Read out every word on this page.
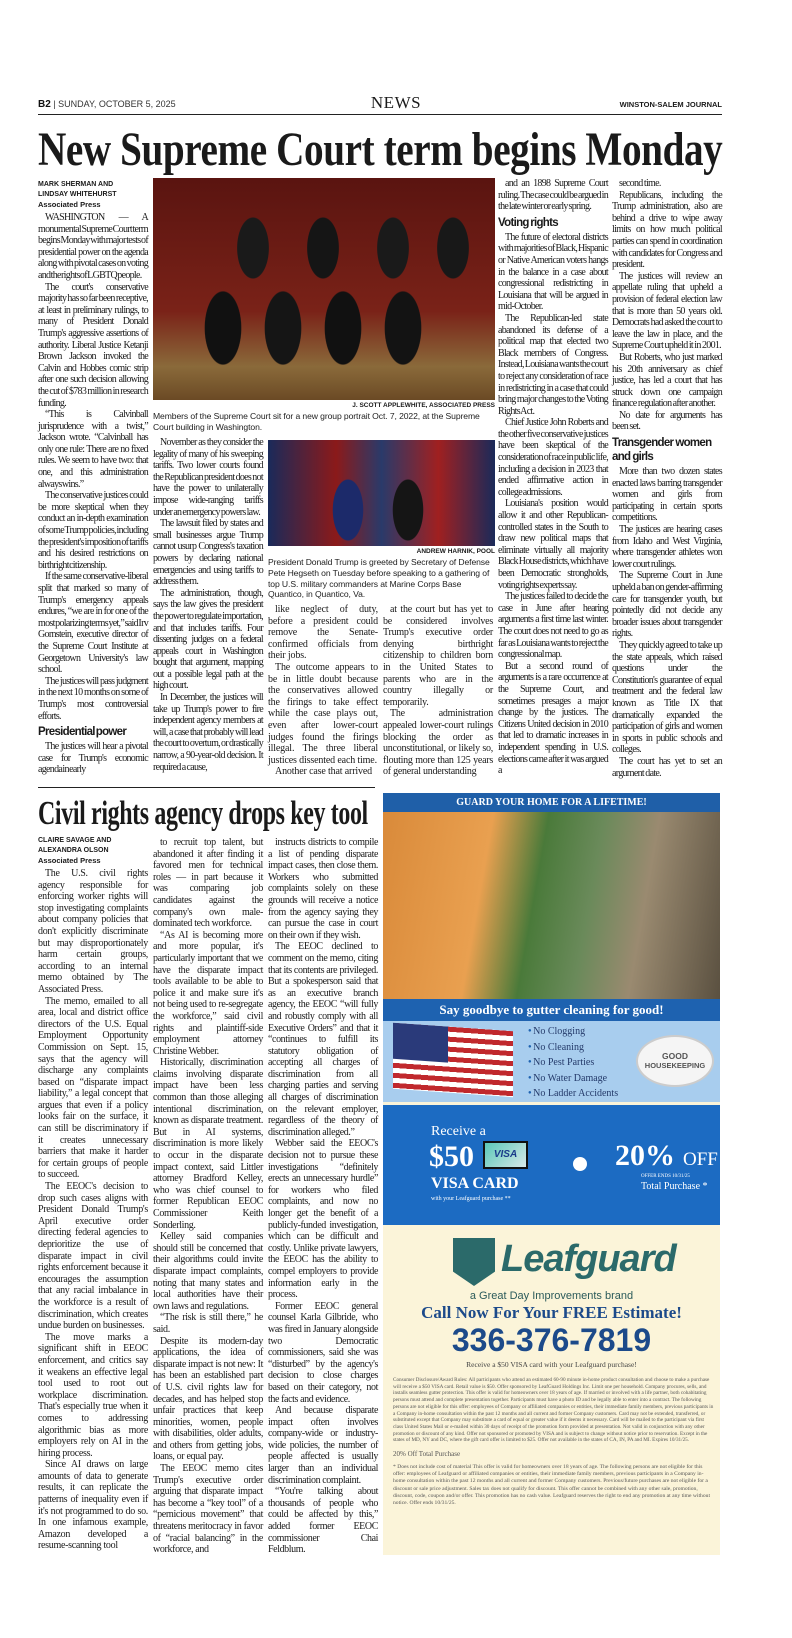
B2 | SUNDAY, OCTOBER 5, 2025	NEWS	WINSTON-SALEM JOURNAL
New Supreme Court term begins Monday
MARK SHERMAN AND
LINDSAY WHITEHURST
Associated Press

WASHINGTON — A monumental Supreme Court term begins Monday with major tests of presidential power on the agenda along with pivotal cases on voting and the rights of LGBTQ people.

The court's conservative majority has so far been receptive, at least in preliminary rulings, to many of President Donald Trump's aggressive assertions of authority. Liberal Justice Ketanji Brown Jackson invoked the Calvin and Hobbes comic strip after one such decision allowing the cut of $783 million in research funding.

“This is Calvinball jurisprudence with a twist,” Jackson wrote. “Calvinball has only one rule: There are no fixed rules. We seem to have two: that one, and this administration always wins.”

The conservative justices could be more skeptical when they conduct an in-depth examination of some Trump policies, including the president's imposition of tariffs and his desired restrictions on birthright citizenship.

If the same conservative-liberal split that marked so many of Trump's emergency appeals endures, “we are in for one of the most polarizing terms yet,” said Irv Gornstein, executive director of the Supreme Court Institute at Georgetown University's law school.

The justices will pass judgment in the next 10 months on some of Trump's most controversial efforts.

Presidential power

The justices will hear a pivotal case for Trump's economic agenda in early

J. SCOTT APPLEWHITE, ASSOCIATED PRESS
Members of the Supreme Court sit for a new group portrait Oct. 7, 2022, at the Supreme Court building in Washington.

November as they consider the legality of many of his sweeping tariffs. Two lower courts found the Republican president does not have the power to unilaterally impose wide-ranging tariffs under an emergency powers law.

The lawsuit filed by states and small businesses argue Trump cannot usurp Congress's taxation powers by declaring national emergencies and using tariffs to address them.

The administration, though, says the law gives the president the power to regulate importation, and that includes tariffs. Four dissenting judges on a federal appeals court in Washington bought that argument, mapping out a possible legal path at the high court.

In December, the justices will take up Trump's power to fire independent agency members at will, a case that probably will lead the court to overturn, or drastically narrow, a 90-year-old decision. It required a cause,

ANDREW HARNIK, POOL
President Donald Trump is greeted by Secretary of Defense Pete Hegseth on Tuesday before speaking to a gathering of top U.S. military commanders at Marine Corps Base Quantico, in Quantico, Va.

like neglect of duty, before a president could remove the Senate-confirmed officials from their jobs.

The outcome appears to be in little doubt because the conservatives allowed the firings to take effect while the case plays out, even after lower-court judges found the firings illegal. The three liberal justices dissented each time.

Another case that arrived

at the court but has yet to be considered involves Trump's executive order denying birthright citizenship to children born in the United States to parents who are in the country illegally or temporarily.

The administration appealed lower-court rulings blocking the order as unconstitutional, or likely so, flouting more than 125 years of general understanding

and an 1898 Supreme Court ruling. The case could be argued in the late winter or early spring.

Voting rights

The future of electoral districts with majorities of Black, Hispanic or Native American voters hangs in the balance in a case about congressional redistricting in Louisiana that will be argued in mid-October.

The Republican-led state abandoned its defense of a political map that elected two Black members of Congress. Instead, Louisiana wants the court to reject any consideration of race in redistricting in a case that could bring major changes to the Voting Rights Act.

Chief Justice John Roberts and the other five conservative justices have been skeptical of the consideration of race in public life, including a decision in 2023 that ended affirmative action in college admissions.

Louisiana's position would allow it and other Republican-controlled states in the South to draw new political maps that eliminate virtually all majority Black House districts, which have been Democratic strongholds, voting rights experts say.

The justices failed to decide the case in June after hearing arguments a first time last winter. The court does not need to go as far as Louisiana wants to reject the congressional map.

But a second round of arguments is a rare occurrence at the Supreme Court, and sometimes presages a major change by the justices. The Citizens United decision in 2010 that led to dramatic increases in independent spending in U.S. elections came after it was argued a

second time.

Republicans, including the Trump administration, also are behind a drive to wipe away limits on how much political parties can spend in coordination with candidates for Congress and president.

The justices will review an appellate ruling that upheld a provision of federal election law that is more than 50 years old. Democrats had asked the court to leave the law in place, and the Supreme Court upheld it in 2001.

But Roberts, who just marked his 20th anniversary as chief justice, has led a court that has struck down one campaign finance regulation after another.

No date for arguments has been set.

Transgender women and girls

More than two dozen states enacted laws barring transgender women and girls from participating in certain sports competitions.

The justices are hearing cases from Idaho and West Virginia, where transgender athletes won lower court rulings.

The Supreme Court in June upheld a ban on gender-affirming care for transgender youth, but pointedly did not decide any broader issues about transgender rights.

They quickly agreed to take up the state appeals, which raised questions under the Constitution's guarantee of equal treatment and the federal law known as Title IX that dramatically expanded the participation of girls and women in sports in public schools and colleges.

The court has yet to set an argument date.

Civil rights agency drops key tool
CLAIRE SAVAGE AND
ALEXANDRA OLSON
Associated Press

The U.S. civil rights agency responsible for enforcing worker rights will stop investigating complaints about company policies that don't explicitly discriminate but may disproportionately harm certain groups, according to an internal memo obtained by The Associated Press.

The memo, emailed to all area, local and district office directors of the U.S. Equal Employment Opportunity Commission on Sept. 15, says that the agency will discharge any complaints based on “disparate impact liability,” a legal concept that argues that even if a policy looks fair on the surface, it can still be discriminatory if it creates unnecessary barriers that make it harder for certain groups of people to succeed.

The EEOC's decision to drop such cases aligns with President Donald Trump's April executive order directing federal agencies to deprioritize the use of disparate impact in civil rights enforcement because it encourages the assumption that any racial imbalance in the workforce is a result of discrimination, which creates undue burden on businesses.

The move marks a significant shift in EEOC enforcement, and critics say it weakens an effective legal tool used to root out workplace discrimination. That's especially true when it comes to addressing algorithmic bias as more employers rely on AI in the hiring process.

Since AI draws on large amounts of data to generate results, it can replicate the patterns of inequality even if it's not programmed to do so. In one infamous example, Amazon developed a resume-scanning tool

to recruit top talent, but abandoned it after finding it favored men for technical roles — in part because it was comparing job candidates against the company's own male-dominated tech workforce.

“As AI is becoming more and more popular, it's particularly important that we have the disparate impact tools available to be able to police it and make sure it's not being used to re-segregate the workforce,” said civil rights and plaintiff-side employment attorney Christine Webber.

Historically, discrimination claims involving disparate impact have been less common than those alleging intentional discrimination, known as disparate treatment. But in AI systems, discrimination is more likely to occur in the disparate impact context, said Littler attorney Bradford Kelley, who was chief counsel to former Republican EEOC Commissioner Keith Sonderling.

Kelley said companies should still be concerned that their algorithms could invite disparate impact complaints, noting that many states and local authorities have their own laws and regulations.

“The risk is still there,” he said.

Despite its modern-day applications, the idea of disparate impact is not new: It has been an established part of U.S. civil rights law for decades, and has helped stop unfair practices that keep minorities, women, people with disabilities, older adults, and others from getting jobs, loans, or equal pay.

The EEOC memo cites Trump's executive order arguing that disparate impact has become a “key tool” of a “pernicious movement” that threatens meritocracy in favor of “racial balancing” in the workforce, and

instructs districts to compile a list of pending disparate impact cases, then close them. Workers who submitted complaints solely on these grounds will receive a notice from the agency saying they can pursue the case in court on their own if they wish.

The EEOC declined to comment on the memo, citing that its contents are privileged. But a spokesperson said that as an executive branch agency, the EEOC “will fully and robustly comply with all Executive Orders” and that it “continues to fulfill its statutory obligation of accepting all charges of discrimination from all charging parties and serving all charges of discrimination on the relevant employer, regardless of the theory of discrimination alleged.”

Webber said the EEOC's decision not to pursue these investigations “definitely erects an unnecessary hurdle” for workers who filed complaints, and now no longer get the benefit of a publicly-funded investigation, which can be difficult and costly. Unlike private lawyers, the EEOC has the ability to compel employers to provide information early in the process.

Former EEOC general counsel Karla Gilbride, who was fired in January alongside two Democratic commissioners, said she was “disturbed” by the agency's decision to close charges based on their category, not the facts and evidence.

And because disparate impact often involves company-wide or industry-wide policies, the number of people affected is usually larger than an individual discrimination complaint.

“You're talking about thousands of people who could be affected by this,” added former EEOC commissioner Chai Feldblum.

GUARD YOUR HOME FOR A LIFETIME!
Say goodbye to gutter cleaning for good!
● No Clogging
● No Cleaning
● No Pest Parties
● No Water Damage
● No Ladder Accidents
GOOD
HOUSEKEEPING
Receive a
$50	VISA
VISA CARD
with your Leafguard purchase **
20% OFF
OFFER ENDS 10/31/25
Total Purchase *
Leafguard
a Great Day Improvements brand
Call Now For Your FREE Estimate!
336-376-7819
Receive a $50 VISA card with your Leafguard purchase!
Consumer Disclosure/Award Rules: All participants who attend an estimated 60-90 minute in-home product consultation and choose to make a purchase will receive a $50 VISA card. Retail value is $50. Offer sponsored by LeafGuard Holdings Inc. Limit one per household. Company procures, sells, and installs seamless gutter protection. This offer is valid for homeowners over 18 years of age. If married or involved with a life partner, both cohabitating persons must attend and complete presentation together. Participants must have a photo ID and be legally able to enter into a contract. The following persons are not eligible for this offer: employees of Company or affiliated companies or entities, their immediate family members, previous participants in a Company in-home consultation within the past 12 months and all current and former Company customers. Card may not be extended, transferred, or substituted except that Company may substitute a card of equal or greater value if it deems it necessary. Card will be mailed to the participant via first class United States Mail or e-mailed within 30 days of receipt of the promotion form provided at presentation. Not valid in conjunction with any other promotion or discount of any kind. Offer not sponsored or promoted by VISA and is subject to change without notice prior to reservation. Except in the states of MD, NY and DC, where the gift card offer is limited to $25. Offer not available in the states of CA, IN, PA and MI. Expires 10/31/25.
20% Off Total Purchase
* Does not include cost of material This offer is valid for homeowners over 18 years of age. The following persons are not eligible for this offer: employees of Leafguard or affiliated companies or entities, their immediate family members, previous participants in a Company in-home consultation within the past 12 months and all current and former Company customers. Previous/future purchases are not eligible for a discount or sale price adjustment. Sales tax does not qualify for discount. This offer cannot be combined with any other sale, promotion, discount, code, coupon and/or offer. This promotion has no cash value. Leafguard reserves the right to end any promotion at any time without notice. Offer ends 10/31/25.
